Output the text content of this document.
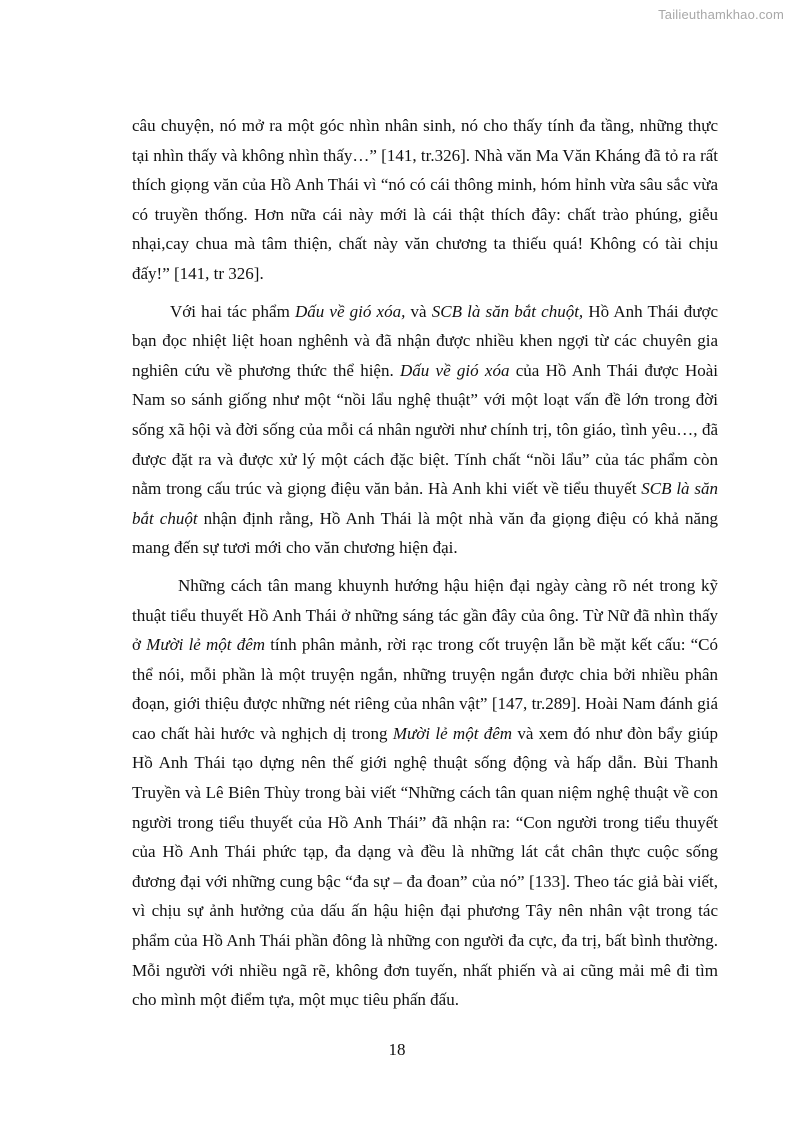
Tailieuthamkhao.com

câu chuyện, nó mở ra một góc nhìn nhân sinh, nó cho thấy tính đa tầng, những thực tại nhìn thấy và không nhìn thấy…” [141, tr.326]. Nhà văn Ma Văn Kháng đã tỏ ra rất thích giọng văn của Hồ Anh Thái vì “nó có cái thông minh, hóm hỉnh vừa sâu sắc vừa có truyền thống. Hơn nữa cái này mới là cái thật thích đây: chất trào phúng, giễu nhại,cay chua mà tâm thiện, chất này văn chương ta thiếu quá! Không có tài chịu đấy!” [141, tr 326].

Với hai tác phẩm Dấu về gió xóa, và SCB là săn bắt chuột, Hồ Anh Thái được bạn đọc nhiệt liệt hoan nghênh và đã nhận được nhiều khen ngợi từ các chuyên gia nghiên cứu về phương thức thể hiện. Dấu về gió xóa của Hồ Anh Thái được Hoài Nam so sánh giống như một “nồi lẩu nghệ thuật” với một loạt vấn đề lớn trong đời sống xã hội và đời sống của mỗi cá nhân người như chính trị, tôn giáo, tình yêu…, đã được đặt ra và được xử lý một cách đặc biệt. Tính chất “nồi lẩu” của tác phẩm còn nằm trong cấu trúc và giọng điệu văn bản. Hà Anh khi viết về tiểu thuyết SCB là săn bắt chuột nhận định rằng, Hồ Anh Thái là một nhà văn đa giọng điệu có khả năng mang đến sự tươi mới cho văn chương hiện đại.

Những cách tân mang khuynh hướng hậu hiện đại ngày càng rõ nét trong kỹ thuật tiểu thuyết Hồ Anh Thái ở những sáng tác gần đây của ông. Từ Nữ đã nhìn thấy ở Mười lẻ một đêm tính phân mảnh, rời rạc trong cốt truyện lẫn bề mặt kết cấu: “Có thể nói, mỗi phần là một truyện ngắn, những truyện ngắn được chia bởi nhiều phân đoạn, giới thiệu được những nét riêng của nhân vật” [147, tr.289]. Hoài Nam đánh giá cao chất hài hước và nghịch dị trong Mười lẻ một đêm và xem đó như đòn bẩy giúp Hồ Anh Thái tạo dựng nên thế giới nghệ thuật sống động và hấp dẫn. Bùi Thanh Truyền và Lê Biên Thùy trong bài viết “Những cách tân quan niệm nghệ thuật về con người trong tiểu thuyết của Hồ Anh Thái” đã nhận ra: “Con người trong tiểu thuyết của Hồ Anh Thái phức tạp, đa dạng và đều là những lát cắt chân thực cuộc sống đương đại với những cung bậc “đa sự – đa đoan” của nó” [133]. Theo tác giả bài viết, vì chịu sự ảnh hưởng của dấu ấn hậu hiện đại phương Tây nên nhân vật trong tác phẩm của Hồ Anh Thái phần đông là những con người đa cực, đa trị, bất bình thường. Mỗi người với nhiều ngã rẽ, không đơn tuyến, nhất phiến và ai cũng mải mê đi tìm cho mình một điểm tựa, một mục tiêu phấn đấu.

18
